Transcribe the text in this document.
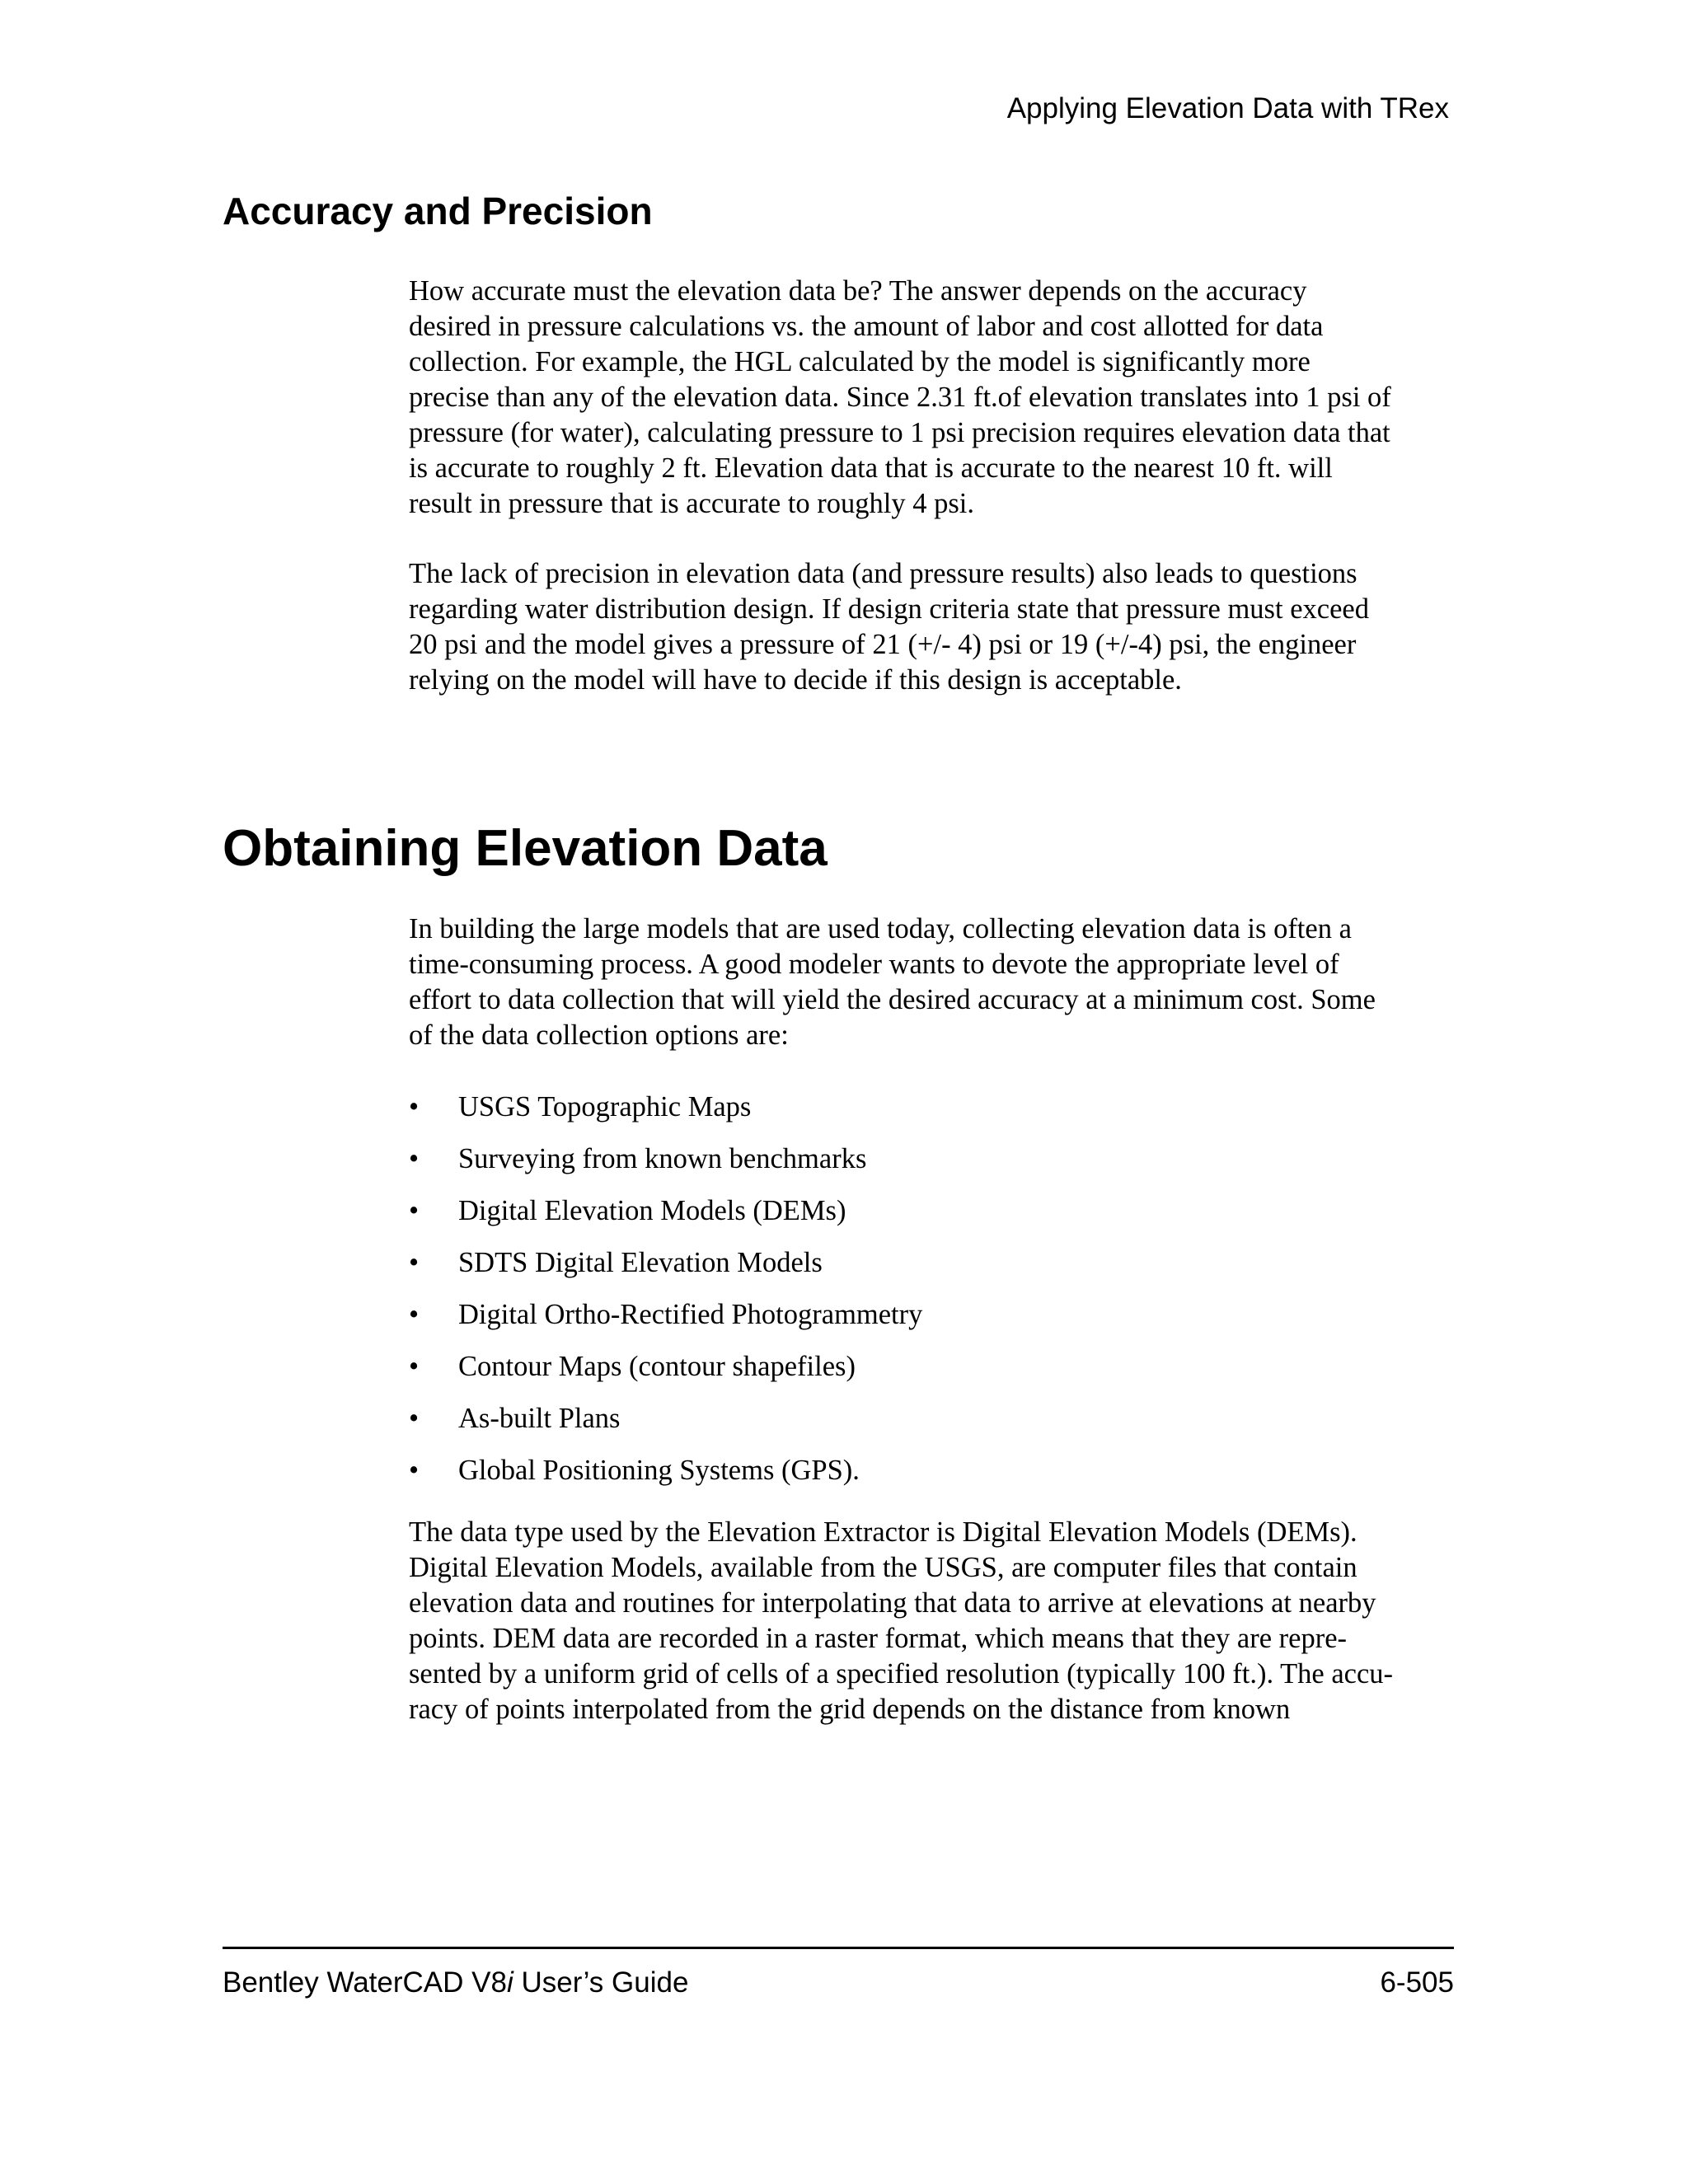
Applying Elevation Data with TRex
Accuracy and Precision

How accurate must the elevation data be? The answer depends on the accuracy
desired in pressure calculations vs. the amount of labor and cost allotted for data
collection. For example, the HGL calculated by the model is significantly more
precise than any of the elevation data. Since 2.31 ft.of elevation translates into 1 psi of
pressure (for water), calculating pressure to 1 psi precision requires elevation data that
is accurate to roughly 2 ft. Elevation data that is accurate to the nearest 10 ft. will
result in pressure that is accurate to roughly 4 psi.

The lack of precision in elevation data (and pressure results) also leads to questions
regarding water distribution design. If design criteria state that pressure must exceed
20 psi and the model gives a pressure of 21 (+/- 4) psi or 19 (+/-4) psi, the engineer
relying on the model will have to decide if this design is acceptable.

Obtaining Elevation Data

In building the large models that are used today, collecting elevation data is often a
time-consuming process. A good modeler wants to devote the appropriate level of
effort to data collection that will yield the desired accuracy at a minimum cost. Some
of the data collection options are:

• USGS Topographic Maps
• Surveying from known benchmarks
• Digital Elevation Models (DEMs)
• SDTS Digital Elevation Models
• Digital Ortho-Rectified Photogrammetry
• Contour Maps (contour shapefiles)
• As-built Plans
• Global Positioning Systems (GPS).

The data type used by the Elevation Extractor is Digital Elevation Models (DEMs).
Digital Elevation Models, available from the USGS, are computer files that contain
elevation data and routines for interpolating that data to arrive at elevations at nearby
points. DEM data are recorded in a raster format, which means that they are repre-
sented by a uniform grid of cells of a specified resolution (typically 100 ft.). The accu-
racy of points interpolated from the grid depends on the distance from known

Bentley WaterCAD V8i User’s Guide	6-505
